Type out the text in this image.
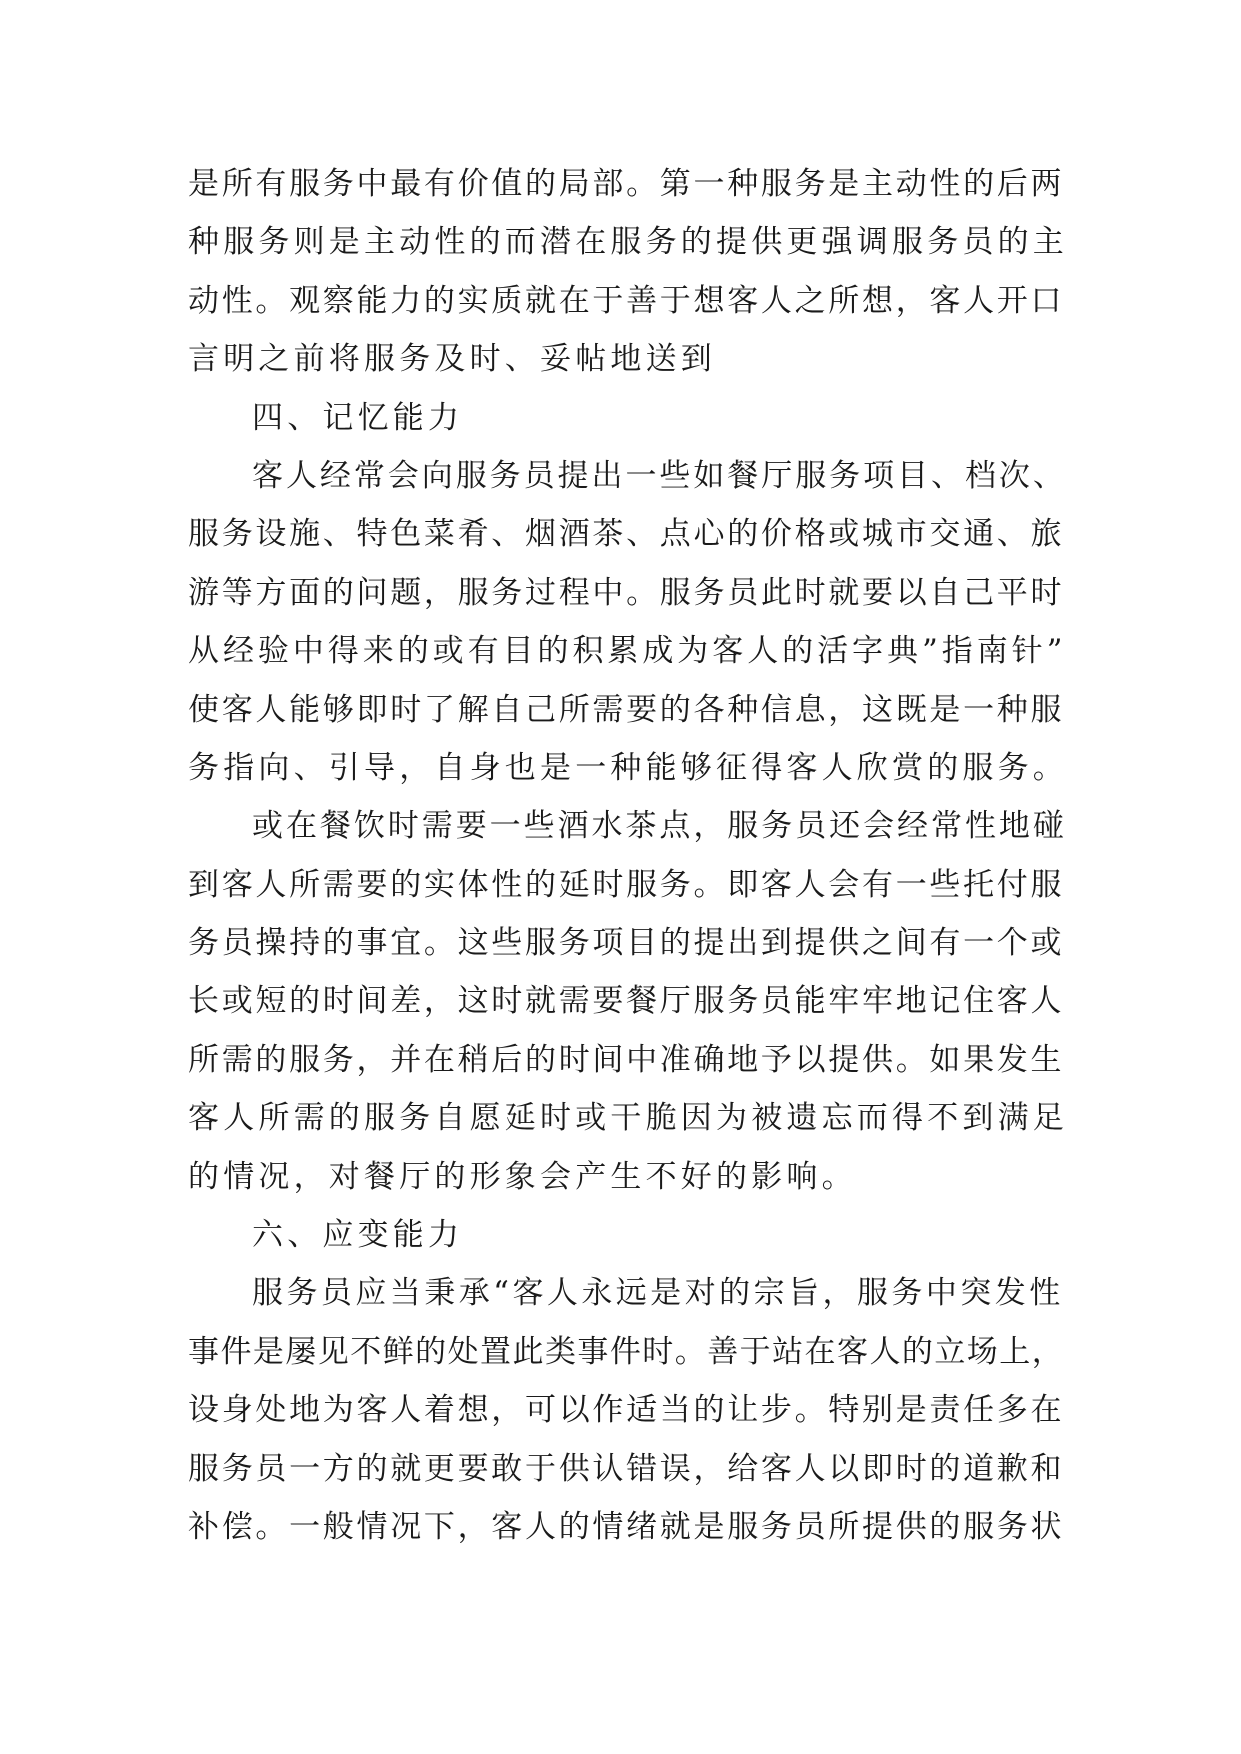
是所有服务中最有价值的局部。第一种服务是主动性的后两
种服务则是主动性的而潜在服务的提供更强调服务员的主
动性。观察能力的实质就在于善于想客人之所想，客人开口
言明之前将服务及时、妥帖地送到
四、记忆能力
客人经常会向服务员提出一些如餐厅服务项目、档次、
服务设施、特色菜肴、烟酒茶、点心的价格或城市交通、旅
游等方面的问题，服务过程中。服务员此时就要以自己平时
从经验中得来的或有目的积累成为客人的活字典”指南针”
使客人能够即时了解自己所需要的各种信息，这既是一种服
务指向、引导，自身也是一种能够征得客人欣赏的服务。
或在餐饮时需要一些酒水茶点，服务员还会经常性地碰
到客人所需要的实体性的延时服务。即客人会有一些托付服
务员操持的事宜。这些服务项目的提出到提供之间有一个或
长或短的时间差，这时就需要餐厅服务员能牢牢地记住客人
所需的服务，并在稍后的时间中准确地予以提供。如果发生
客人所需的服务自愿延时或干脆因为被遗忘而得不到满足
的情况，对餐厅的形象会产生不好的影响。
六、应变能力
服务员应当秉承“客人永远是对的宗旨，服务中突发性
事件是屡见不鲜的处置此类事件时。善于站在客人的立场上，
设身处地为客人着想，可以作适当的让步。特别是责任多在
服务员一方的就更要敢于供认错误，给客人以即时的道歉和
补偿。一般情况下，客人的情绪就是服务员所提供的服务状
